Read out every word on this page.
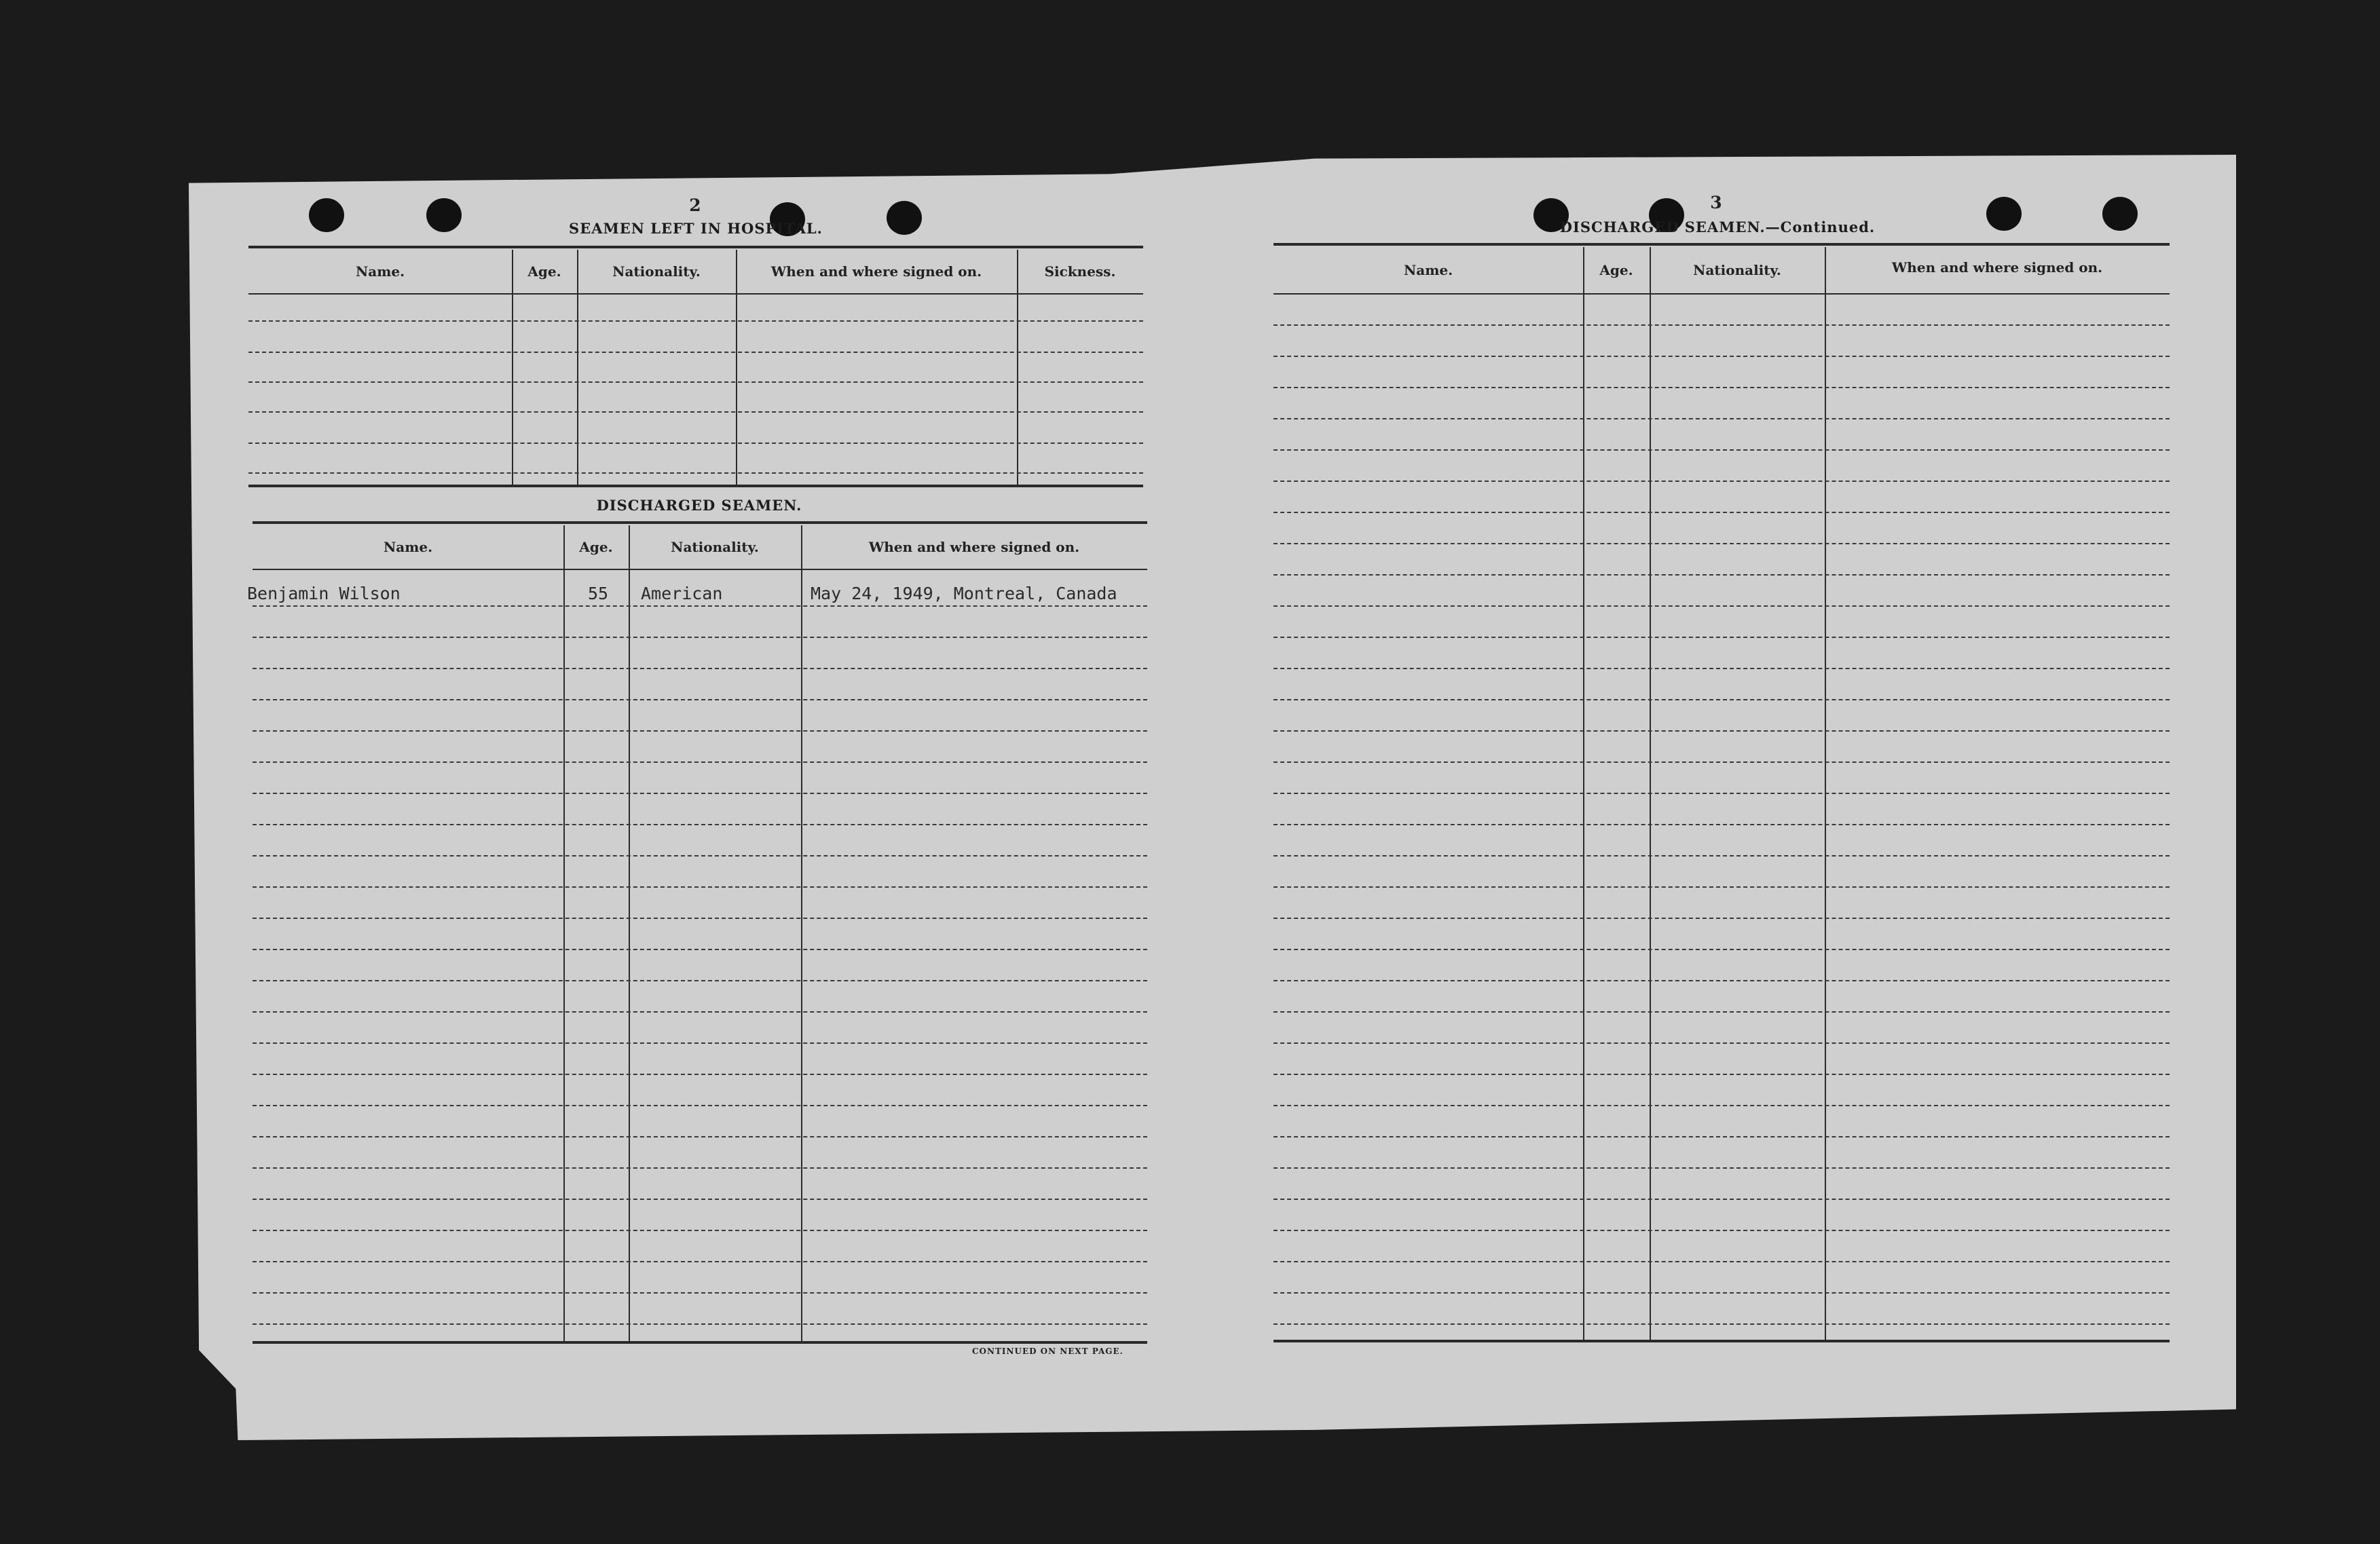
2
SEAMEN LEFT IN HOSPITAL.
Name.	Age.	Nationality.	When and where signed on.	Sickness.
DISCHARGED SEAMEN.
Name.	Age.	Nationality.	When and where signed on.
Benjamin Wilson	55 American	May 24, 1949, Montreal, Canada
CONTINUED ON NEXT PAGE.
3
DISCHARGED SEAMEN.—Continued.
Name.	Age.	Nationality.	When and where signed on.
